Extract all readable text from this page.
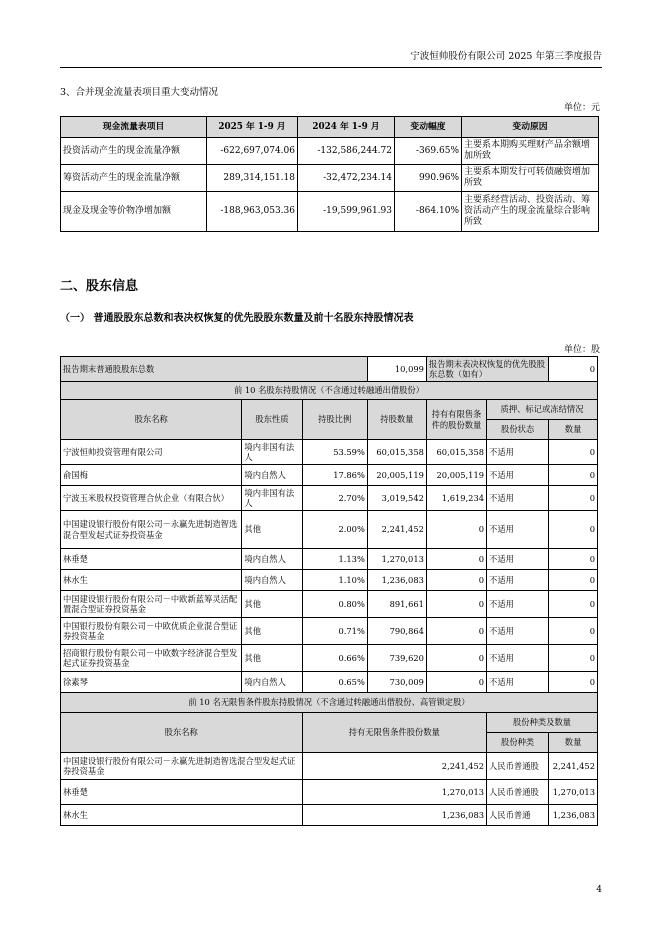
宁波恒帅股份有限公司 2025 年第三季度报告
3、合并现金流量表项目重大变动情况
单位：元
现金流量表项目	2025 年 1-9 月	2024 年 1-9 月	变动幅度	变动原因
投资活动产生的现金流量净额	-622,697,074.06	-132,586,244.72	-369.65%	主要系本期购买理财产品余额增加所致
筹资活动产生的现金流量净额	289,314,151.18	-32,472,234.14	990.96%	主要系本期发行可转债融资增加所致
现金及现金等价物净增加额	-188,963,053.36	-19,599,961.93	-864.10%	主要系经营活动、投资活动、筹资活动产生的现金流量综合影响所致
二、股东信息
（一） 普通股股东总数和表决权恢复的优先股股东数量及前十名股东持股情况表
单位：股
报告期末普通股股东总数			10,099	报告期末表决权恢复的优先股股东总数（如有）		0
前 10 名股东持股情况（不含通过转融通出借股份）						
股东名称	股东性质	持股比例	持股数量	持有有限售条件的股份数量	质押、标记或冻结情况	
					股份状态	数量
宁波恒帅投资管理有限公司	境内非国有法人	53.59%	60,015,358	60,015,358	不适用	0
俞国梅	境内自然人	17.86%	20,005,119	20,005,119	不适用	0
宁波玉米股权投资管理合伙企业（有限合伙）	境内非国有法人	2.70%	3,019,542	1,619,234	不适用	0
中国建设银行股份有限公司－永赢先进制造智选混合型发起式证券投资基金	其他	2.00%	2,241,452	0	不适用	0
林垂楚	境内自然人	1.13%	1,270,013	0	不适用	0
林水生	境内自然人	1.10%	1,236,083	0	不适用	0
中国建设银行股份有限公司－中欧新蓝筹灵活配置混合型证券投资基金	其他	0.80%	891,661	0	不适用	0
中国银行股份有限公司－中欧优质企业混合型证券投资基金	其他	0.71%	790,864	0	不适用	0
招商银行股份有限公司－中欧数字经济混合型发起式证券投资基金	其他	0.66%	739,620	0	不适用	0
徐素琴	境内自然人	0.65%	730,009	0	不适用	0
前 10 名无限售条件股东持股情况（不含通过转融通出借股份、高管锁定股）						
股东名称		持有无限售条件股份数量			股份种类及数量	
					股份种类	数量
中国建设银行股份有限公司－永赢先进制造智选混合型发起式证券投资基金		2,241,452			人民币普通股	2,241,452
林垂楚		1,270,013			人民币普通股	1,270,013
林水生		1,236,083			人民币普通	1,236,083
4
